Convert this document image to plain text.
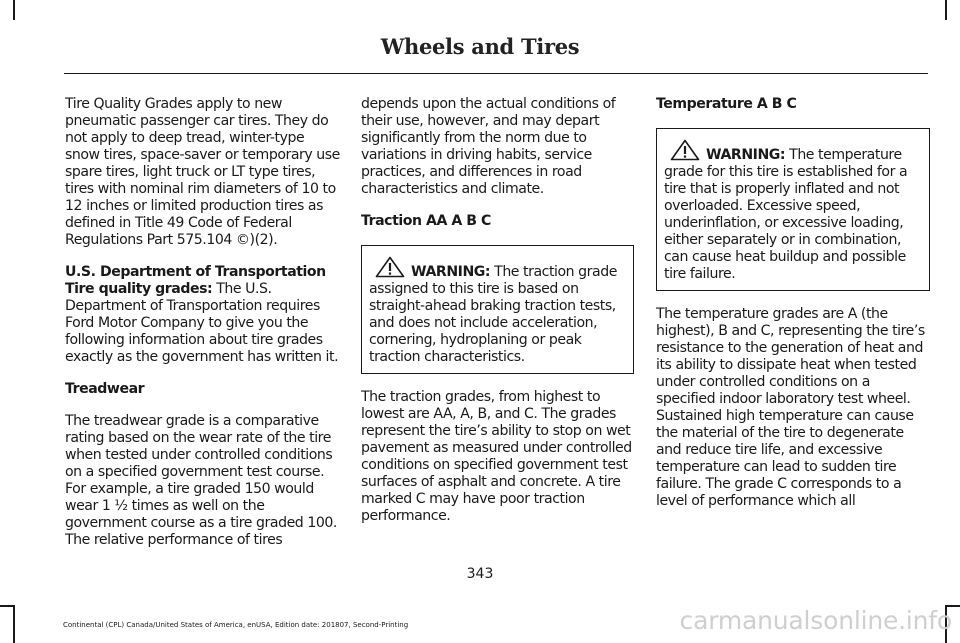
Wheels and Tires

Tire Quality Grades apply to new pneumatic passenger car tires. They do not apply to deep tread, winter-type snow tires, space-saver or temporary use spare tires, light truck or LT type tires, tires with nominal rim diameters of 10 to 12 inches or limited production tires as defined in Title 49 Code of Federal Regulations Part 575.104 ©)(2).

U.S. Department of Transportation Tire quality grades: The U.S. Department of Transportation requires Ford Motor Company to give you the following information about tire grades exactly as the government has written it.

Treadwear

The treadwear grade is a comparative rating based on the wear rate of the tire when tested under controlled conditions on a specified government test course. For example, a tire graded 150 would wear 1 ½ times as well on the government course as a tire graded 100. The relative performance of tires

depends upon the actual conditions of their use, however, and may depart significantly from the norm due to variations in driving habits, service practices, and differences in road characteristics and climate.

Traction AA A B C

WARNING: The traction grade assigned to this tire is based on straight-ahead braking traction tests, and does not include acceleration, cornering, hydroplaning or peak traction characteristics.

The traction grades, from highest to lowest are AA, A, B, and C. The grades represent the tire’s ability to stop on wet pavement as measured under controlled conditions on specified government test surfaces of asphalt and concrete. A tire marked C may have poor traction performance.

Temperature A B C

WARNING: The temperature grade for this tire is established for a tire that is properly inflated and not overloaded. Excessive speed, underinflation, or excessive loading, either separately or in combination, can cause heat buildup and possible tire failure.

The temperature grades are A (the highest), B and C, representing the tire’s resistance to the generation of heat and its ability to dissipate heat when tested under controlled conditions on a specified indoor laboratory test wheel. Sustained high temperature can cause the material of the tire to degenerate and reduce tire life, and excessive temperature can lead to sudden tire failure. The grade C corresponds to a level of performance which all

343
Continental (CPL) Canada/United States of America, enUSA, Edition date: 201807, Second-Printing	carmanualsonline.info
